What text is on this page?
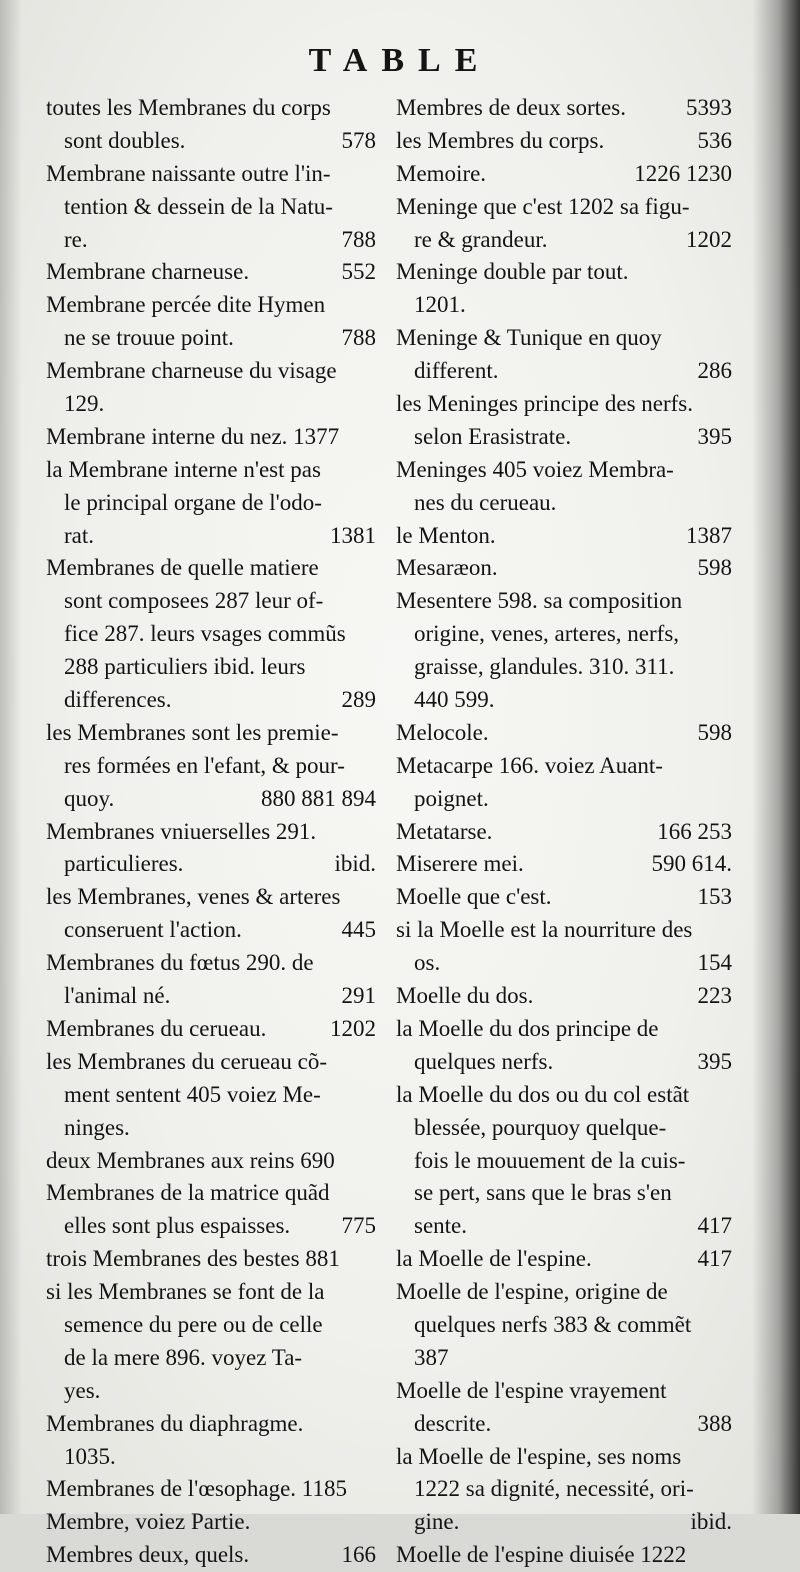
TABLE
toutes les Membranes du corps
sont doubles.	578
Membrane naissante outre l'in-
tention & dessein de la Natu-
re.	788
Membrane charneuse.	552
Membrane percée dite Hymen
ne se trouue point.	788
Membrane charneuse du visage
129.
Membrane interne du nez. 1377
la Membrane interne n'est pas
le principal organe de l'odo-
rat.	1381
Membranes de quelle matiere
sont composees 287 leur of-
fice 287. leurs vsages commũs
288 particuliers ibid. leurs
differences.	289
les Membranes sont les premie-
res formées en l'efant, & pour-
quoy.	880 881 894
Membranes vniuerselles 291.
particulieres.	ibid.
les Membranes, venes & arteres
conseruent l'action.	445
Membranes du fœtus 290. de
l'animal né.	291
Membranes du cerueau.	1202
les Membranes du cerueau cõ-
ment sentent 405 voiez Me-
ninges.
deux Membranes aux reins 690
Membranes de la matrice quãd
elles sont plus espaisses. 775
trois Membranes des bestes 881
si les Membranes se font de la
semence du pere ou de celle
de la mere 896. voyez Ta-
yes.
Membranes du diaphragme.
1035.
Membranes de l'œsophage. 1185
Membre, voiez Partie.
Membres deux, quels.	166
Membres de deux sortes.	5393
les Membres du corps.	536
Memoire.	1226 1230
Meninge que c'est 1202 sa figu-
re & grandeur.	1202
Meninge double par tout.
1201.
Meninge & Tunique en quoy
different.	286
les Meninges principe des nerfs.
selon Erasistrate.	395
Meninges 405 voiez Membra-
nes du cerueau.
le Menton.	1387
Mesaræon.	598
Mesentere 598. sa composition
origine, venes, arteres, nerfs,
graisse, glandules. 310. 311.
440 599.
Melocole.	598
Metacarpe 166. voiez Auant-
poignet.
Metatarse.	166 253
Miserere mei.	590 614.
Moelle que c'est.	153
si la Moelle est la nourriture des
os.	154
Moelle du dos.	223
la Moelle du dos principe de
quelques nerfs.	395
la Moelle du dos ou du col estãt
blessée, pourquoy quelque-
fois le mouuement de la cuis-
se pert, sans que le bras s'en
sente.	417
la Moelle de l'espine.	417
Moelle de l'espine, origine de
quelques nerfs 383 & commẽt
387
Moelle de l'espine vrayement
descrite.	388
la Moelle de l'espine, ses noms
1222 sa dignité, necessité, ori-
gine.	ibid.
Moelle de l'espine diuisée 1222
